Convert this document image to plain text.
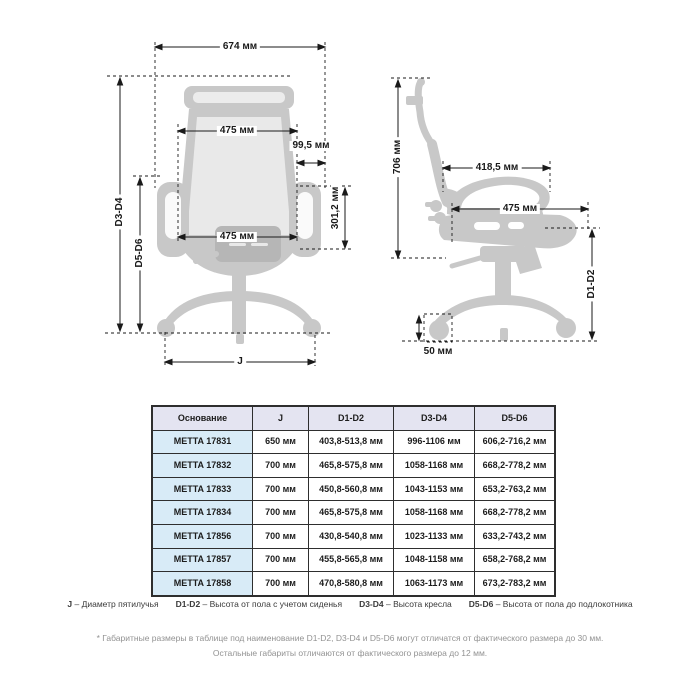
674 мм
475 мм
99,5 мм
301,2 мм
475 мм
J
D3-D4
D5-D6
706 мм	418,5 мм
475 мм
D1-D2
50 мм
Основание	J	D1-D2	D3-D4	D5-D6
METTA 17831	650 мм	403,8-513,8 мм	996-1106 мм	606,2-716,2 мм
METTA 17832	700 мм	465,8-575,8 мм	1058-1168 мм	668,2-778,2 мм
METTA 17833	700 мм	450,8-560,8 мм	1043-1153 мм	653,2-763,2 мм
METTA 17834	700 мм	465,8-575,8 мм	1058-1168 мм	668,2-778,2 мм
METTA 17856	700 мм	430,8-540,8 мм	1023-1133 мм	633,2-743,2 мм
METTA 17857	700 мм	455,8-565,8 мм	1048-1158 мм	658,2-768,2 мм
METTA 17858	700 мм	470,8-580,8 мм	1063-1173 мм	673,2-783,2 мм
J – Диаметр пятилучья D1-D2 – Высота от пола с учетом сиденья D3-D4 – Высота кресла D5-D6 – Высота от пола до подлокотника
* Габаритные размеры в таблице под наименование D1-D2, D3-D4 и D5-D6 могут отличатся от фактического размера до 30 мм.
Остальные габариты отличаются от фактического размера до 12 мм.
